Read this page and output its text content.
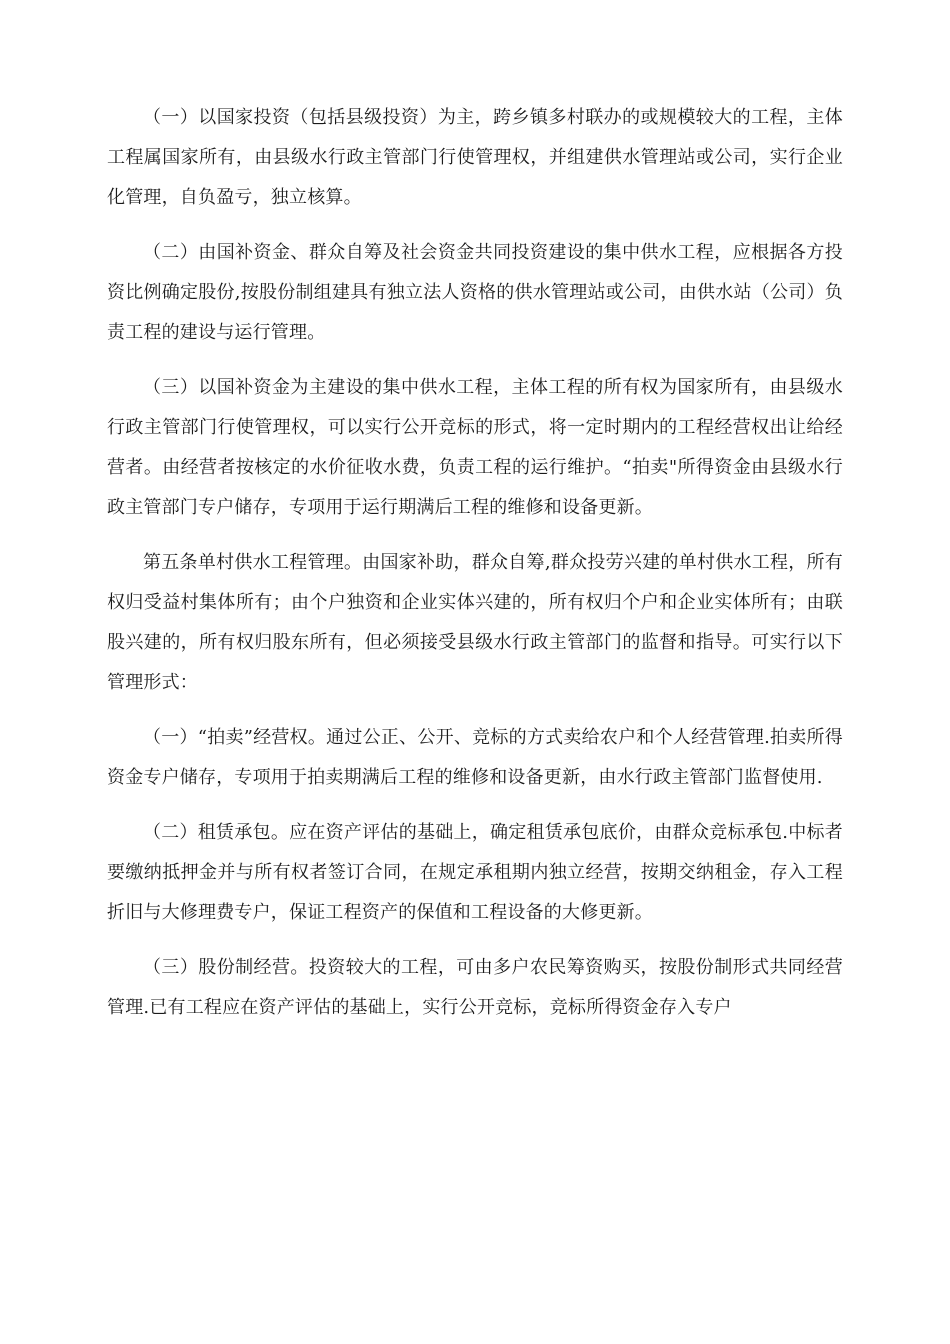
（一）以国家投资（包括县级投资）为主，跨乡镇多村联办的或规模较大的工程，主体工程属国家所有，由县级水行政主管部门行使管理权，并组建供水管理站或公司，实行企业化管理，自负盈亏，独立核算。

（二）由国补资金、群众自筹及社会资金共同投资建设的集中供水工程，应根据各方投资比例确定股份,按股份制组建具有独立法人资格的供水管理站或公司，由供水站（公司）负责工程的建设与运行管理。

（三）以国补资金为主建设的集中供水工程，主体工程的所有权为国家所有，由县级水行政主管部门行使管理权，可以实行公开竞标的形式，将一定时期内的工程经营权出让给经营者。由经营者按核定的水价征收水费，负责工程的运行维护。“拍卖"所得资金由县级水行政主管部门专户储存，专项用于运行期满后工程的维修和设备更新。

第五条单村供水工程管理。由国家补助，群众自筹,群众投劳兴建的单村供水工程，所有权归受益村集体所有；由个户独资和企业实体兴建的，所有权归个户和企业实体所有；由联股兴建的，所有权归股东所有，但必须接受县级水行政主管部门的监督和指导。可实行以下管理形式：

（一）“拍卖”经营权。通过公正、公开、竞标的方式卖给农户和个人经营管理.拍卖所得资金专户储存，专项用于拍卖期满后工程的维修和设备更新，由水行政主管部门监督使用.

（二）租赁承包。应在资产评估的基础上，确定租赁承包底价，由群众竞标承包.中标者要缴纳抵押金并与所有权者签订合同，在规定承租期内独立经营，按期交纳租金，存入工程折旧与大修理费专户，保证工程资产的保值和工程设备的大修更新。

（三）股份制经营。投资较大的工程，可由多户农民筹资购买，按股份制形式共同经营管理.已有工程应在资产评估的基础上，实行公开竞标，竞标所得资金存入专户
